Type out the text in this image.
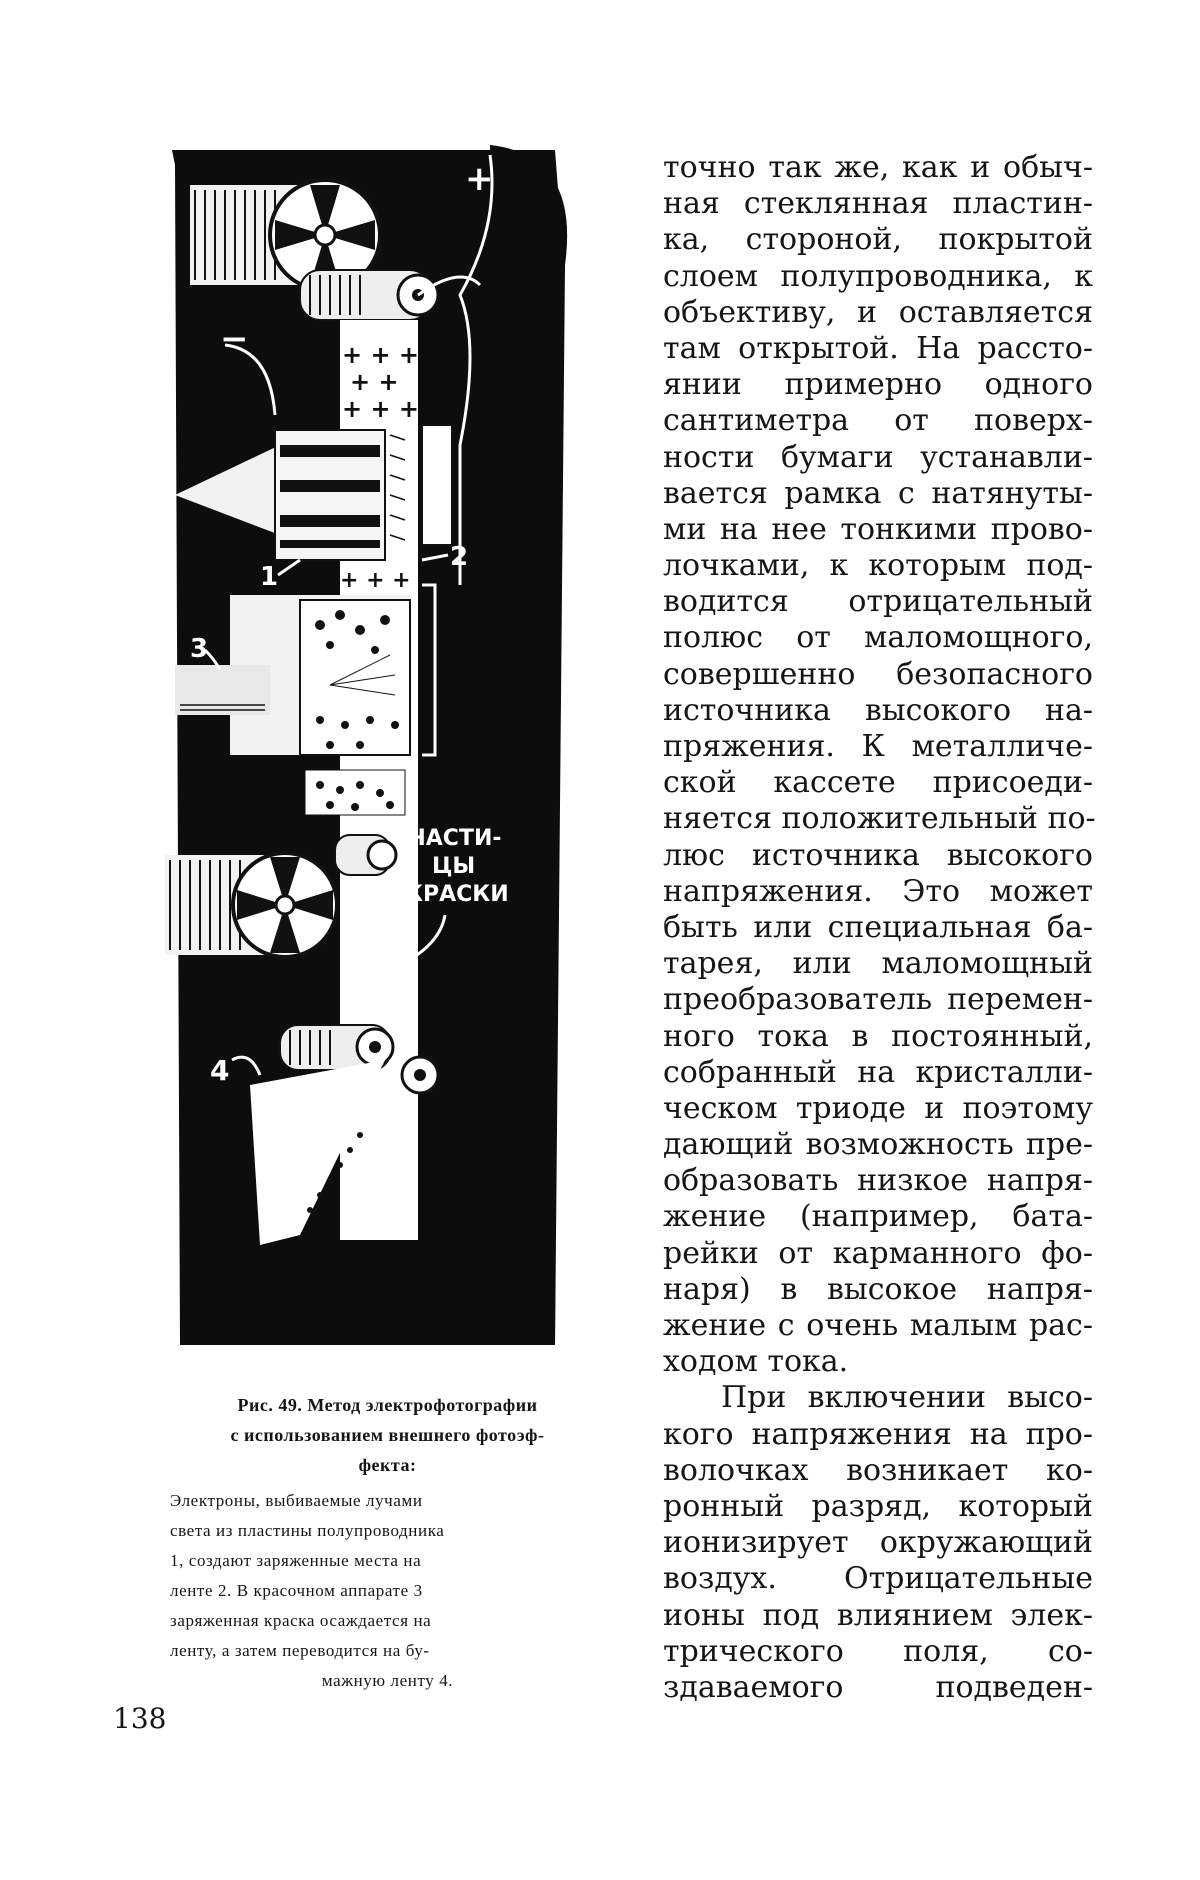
+
−	+ + +
+ +
+ + +
1
2
+ + +
3
ЧАСТИ-
ЦЫ
КРАСКИ
4
Рис. 49. Метод электрофотографии
с использованием внешнего фотоэф-
фекта:
Электроны, выбиваемые лучами
света из пластины полупроводника
1, создают заряженные места на
ленте 2. В красочном аппарате 3
заряженная краска осаждается на
ленту, а затем переводится на бу-
мажную ленту 4.
точно так же, как и обыч-
ная стеклянная пластин-
ка, стороной, покрытой
слоем полупроводника, к
объективу, и оставляется
там открытой. На рассто-
янии примерно одного
сантиметра от поверх-
ности бумаги устанавли-
вается рамка с натянуты-
ми на нее тонкими прово-
лочками, к которым под-
водится отрицательный
полюс от маломощного,
совершенно безопасного
источника высокого на-
пряжения. К металличе-
ской кассете присоеди-
няется положительный по-
люс источника высокого
напряжения. Это может
быть или специальная ба-
тарея, или маломощный
преобразователь перемен-
ного тока в постоянный,
собранный на кристалли-
ческом триоде и поэтому
дающий возможность пре-
образовать низкое напря-
жение (например, бата-
рейки от карманного фо-
наря) в высокое напря-
жение с очень малым рас-
ходом тока.
При включении высо-
кого напряжения на про-
волочках возникает ко-
ронный разряд, который
ионизирует окружающий
воздух. Отрицательные
ионы под влиянием элек-
трического поля, со-
здаваемого подведен-
138
